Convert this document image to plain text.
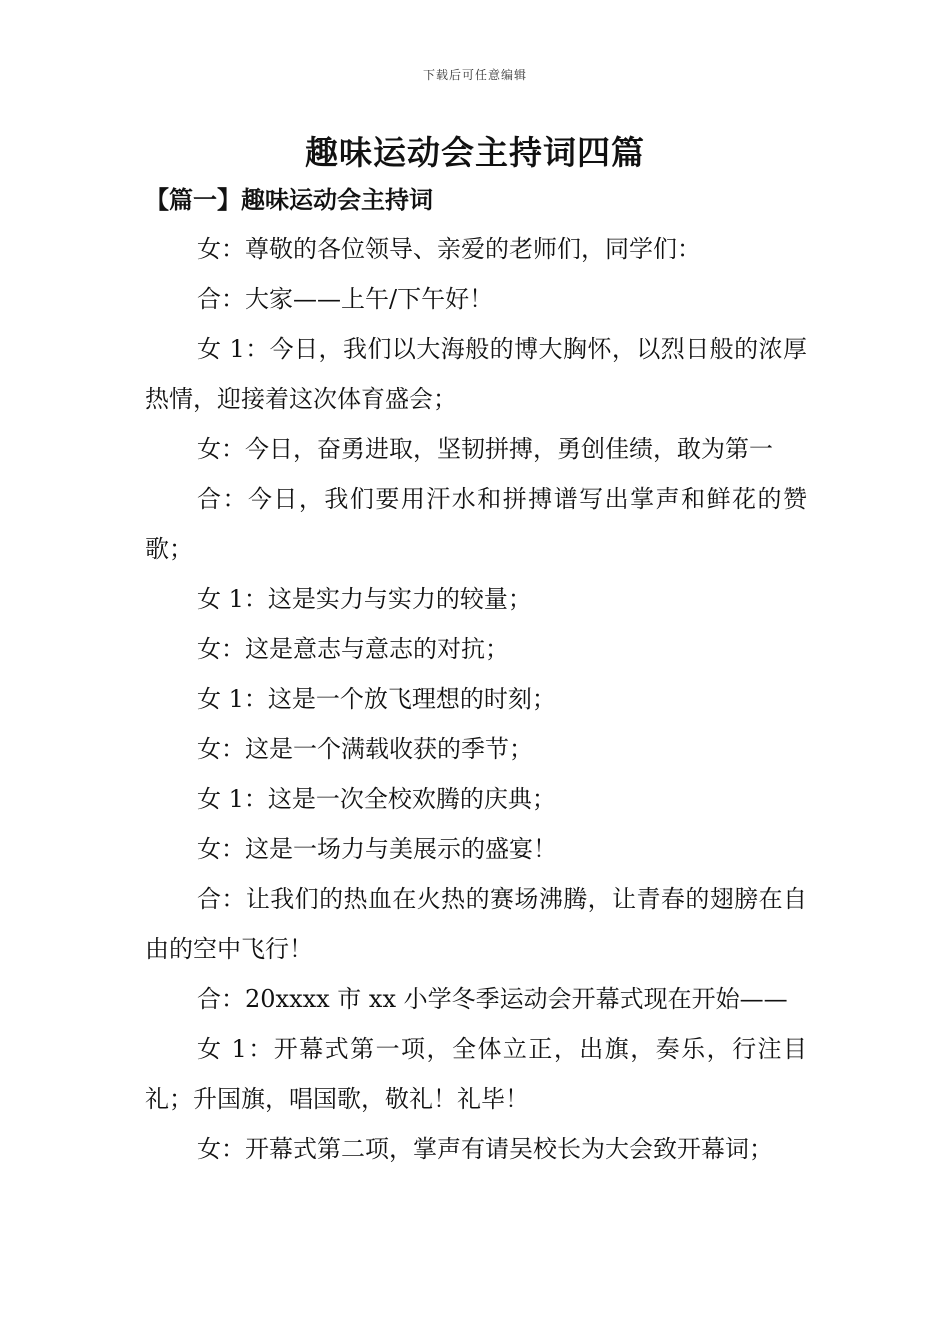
下载后可任意编辑
趣味运动会主持词四篇
【篇一】趣味运动会主持词

女：尊敬的各位领导、亲爱的老师们，同学们：

合：大家——上午/下午好！

女 1：今日，我们以大海般的博大胸怀，以烈日般的浓厚热情，迎接着这次体育盛会；

女：今日，奋勇进取，坚韧拼搏，勇创佳绩，敢为第一

合：今日，我们要用汗水和拼搏谱写出掌声和鲜花的赞歌；

女 1：这是实力与实力的较量；

女：这是意志与意志的对抗；

女 1：这是一个放飞理想的时刻；

女：这是一个满载收获的季节；

女 1：这是一次全校欢腾的庆典；

女：这是一场力与美展示的盛宴！

合：让我们的热血在火热的赛场沸腾，让青春的翅膀在自由的空中飞行！

合：20xxxx 市 xx 小学冬季运动会开幕式现在开始——

女 1：开幕式第一项，全体立正，出旗，奏乐，行注目礼；升国旗，唱国歌，敬礼！礼毕！

女：开幕式第二项，掌声有请吴校长为大会致开幕词；
